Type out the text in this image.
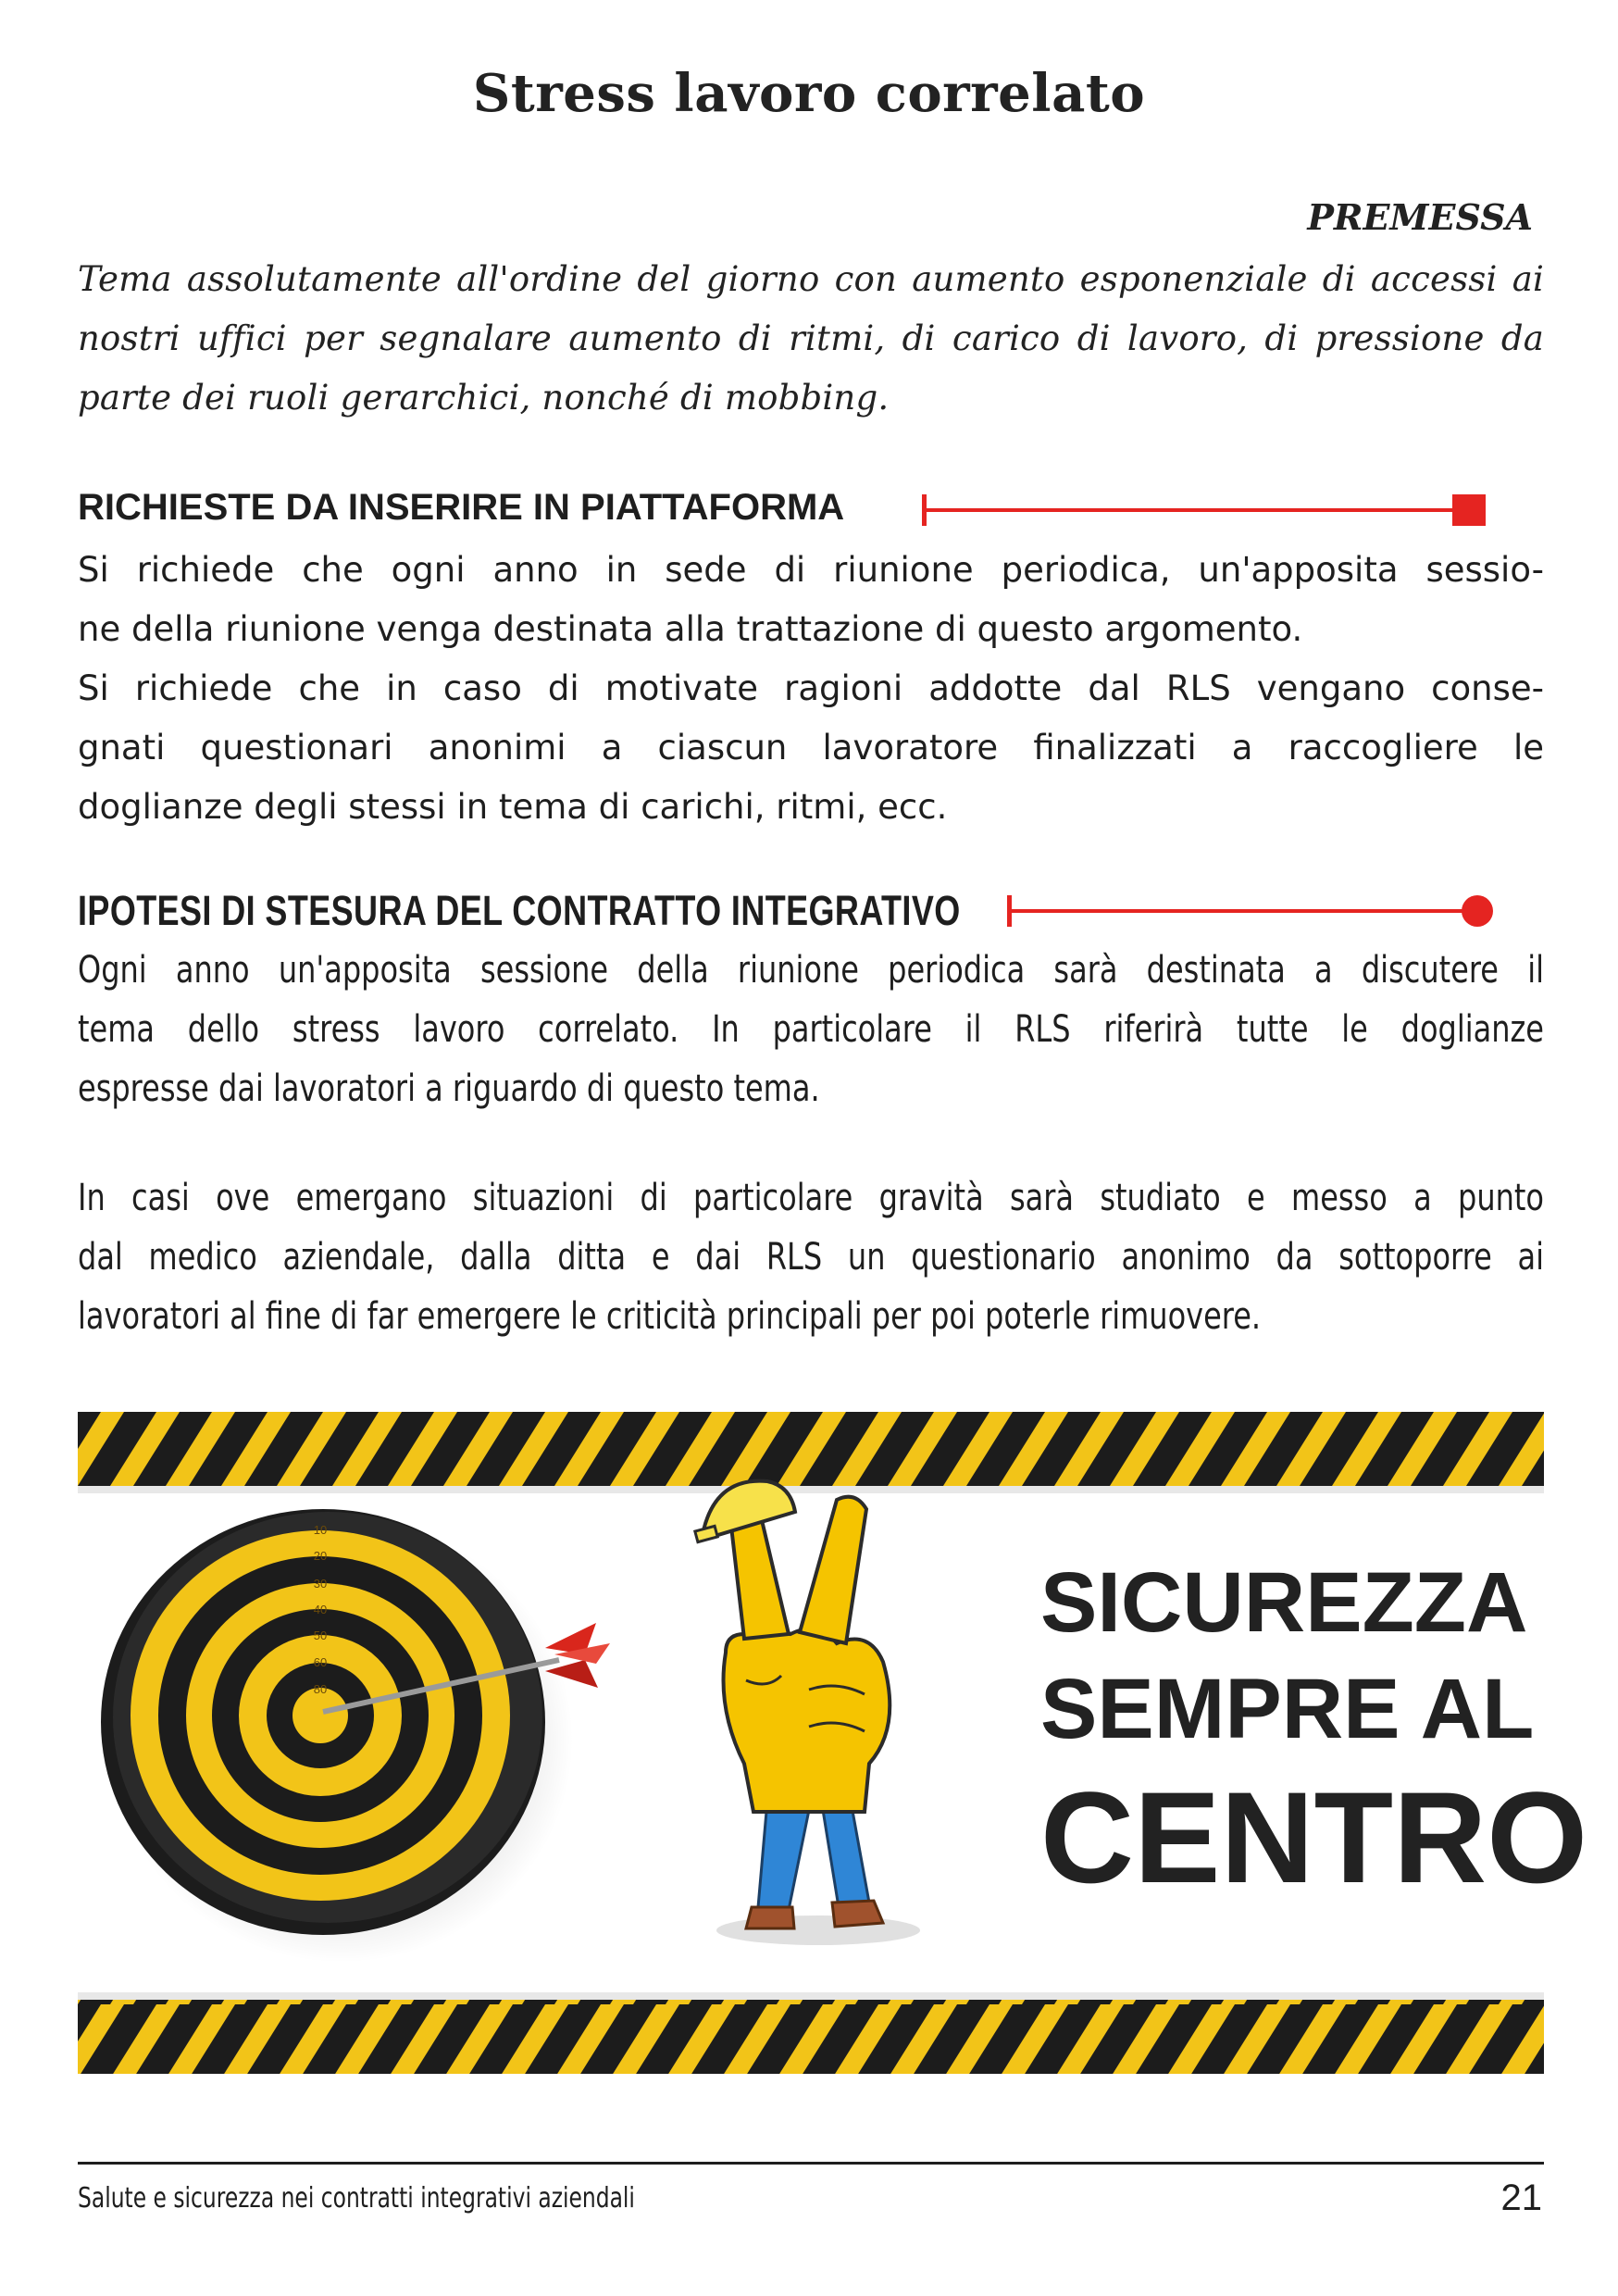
Stress lavoro correlato
PREMESSA

Tema assolutamente all'ordine del giorno con aumento esponenziale di accessi ai nostri uffici per segnalare aumento di ritmi, di carico di lavoro, di pressione da parte dei ruoli gerarchici, nonché di mobbing.

RICHIESTE DA INSERIRE IN PIATTAFORMA
Si richiede che ogni anno in sede di riunione periodica, un'apposita sessio-
ne della riunione venga destinata alla trattazione di questo argomento.
Si richiede che in caso di motivate ragioni addotte dal RLS vengano conse-
gnati questionari anonimi a ciascun lavoratore finalizzati a raccogliere le
doglianze degli stessi in tema di carichi, ritmi, ecc.
IPOTESI DI STESURA DEL CONTRATTO INTEGRATIVO
Ogni anno un'apposita sessione della riunione periodica sarà destinata a discutere il
tema dello stress lavoro correlato. In particolare il RLS riferirà tutte le doglianze
espresse dai lavoratori a riguardo di questo tema.
In casi ove emergano situazioni di particolare gravità sarà studiato e messo a punto
dal medico aziendale, dalla ditta e dai RLS un questionario anonimo da sottoporre ai
lavoratori al fine di far emergere le criticità principali per poi poterle rimuovere.
10
20
30
40
50
60
80
SICUREZZA
SEMPRE AL
CENTRO
Salute e sicurezza nei contratti integrativi aziendali	21
